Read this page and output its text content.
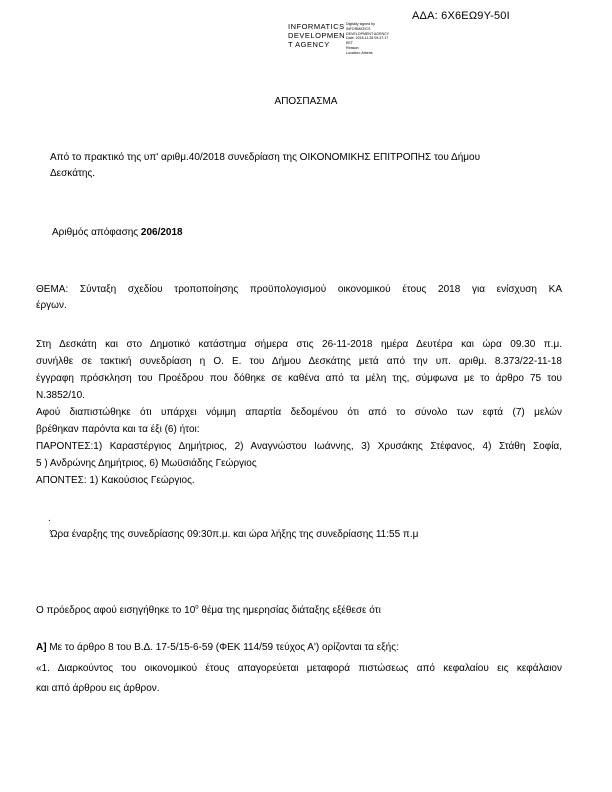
ΑΔΑ: 6Χ6ΕΩ9Υ-50Ι
INFORMATICS
DEVELOPMEN
T AGENCY
Digitally signed by
INFORMATICS
DEVELOPMENT AGENCY
Date: 2018.11.28 09:37:17
EET
Reason:
Location: Athens
ΑΠΟΣΠΑΣΜΑ
Από το πρακτικό της υπ' αριθμ.40/2018 συνεδρίαση της ΟΙΚΟΝΟΜΙΚΗΣ ΕΠΙΤΡΟΠΗΣ του Δήμου
Δεσκάτης.
Αριθμός απόφασης 206/2018
ΘΕΜΑ: Σύνταξη σχεδίου τροποποίησης προϋπολογισμού οικονομικού έτους 2018 για ενίσχυση ΚΑ
έργων.
Στη Δεσκάτη και στο Δημοτικό κατάστημα σήμερα στις 26-11-2018 ημέρα Δευτέρα και ώρα 09.30 π.μ.
συνήλθε σε τακτική συνεδρίαση η Ο. Ε. του Δήμου Δεσκάτης μετά από την υπ. αριθμ. 8.373/22-11-18
έγγραφη πρόσκληση του Προέδρου που δόθηκε σε καθένα από τα μέλη της, σύμφωνα με το άρθρο 75 του
Ν.3852/10.
Αφού διαπιστώθηκε ότι υπάρχει νόμιμη απαρτία δεδομένου ότι από το σύνολο των εφτά (7) μελών
βρέθηκαν παρόντα και τα έξι (6) ήτοι:
ΠΑΡΟΝΤΕΣ:1) Καραστέργιος Δημήτριος, 2) Αναγνώστου Ιωάννης, 3) Χρυσάκης Στέφανος, 4) Στάθη Σοφία,
5 ) Ανδρώνης Δημήτριος, 6) Μωϋσιάδης Γεώργιος
ΑΠΟΝΤΕΣ: 1) Κακούσιος Γεώργιος.
.
Ώρα έναρξης της συνεδρίασης 09:30π.μ. και ώρα λήξης της συνεδρίασης 11:55 π.μ
Ο πρόεδρος αφού εισηγήθηκε το $10^o$ θέμα της ημερησίας διάταξης εξέθεσε ότι
Α] Με το άρθρο 8 του Β.Δ. 17-5/15-6-59 (ΦΕΚ 114/59 τεύχος Α') ορίζονται τα εξής:
«1. Διαρκούντος του οικονομικού έτους απαγορεύεται μεταφορά πιστώσεως από κεφαλαίου εις κεφάλαιον
και από άρθρου εις άρθρον.
